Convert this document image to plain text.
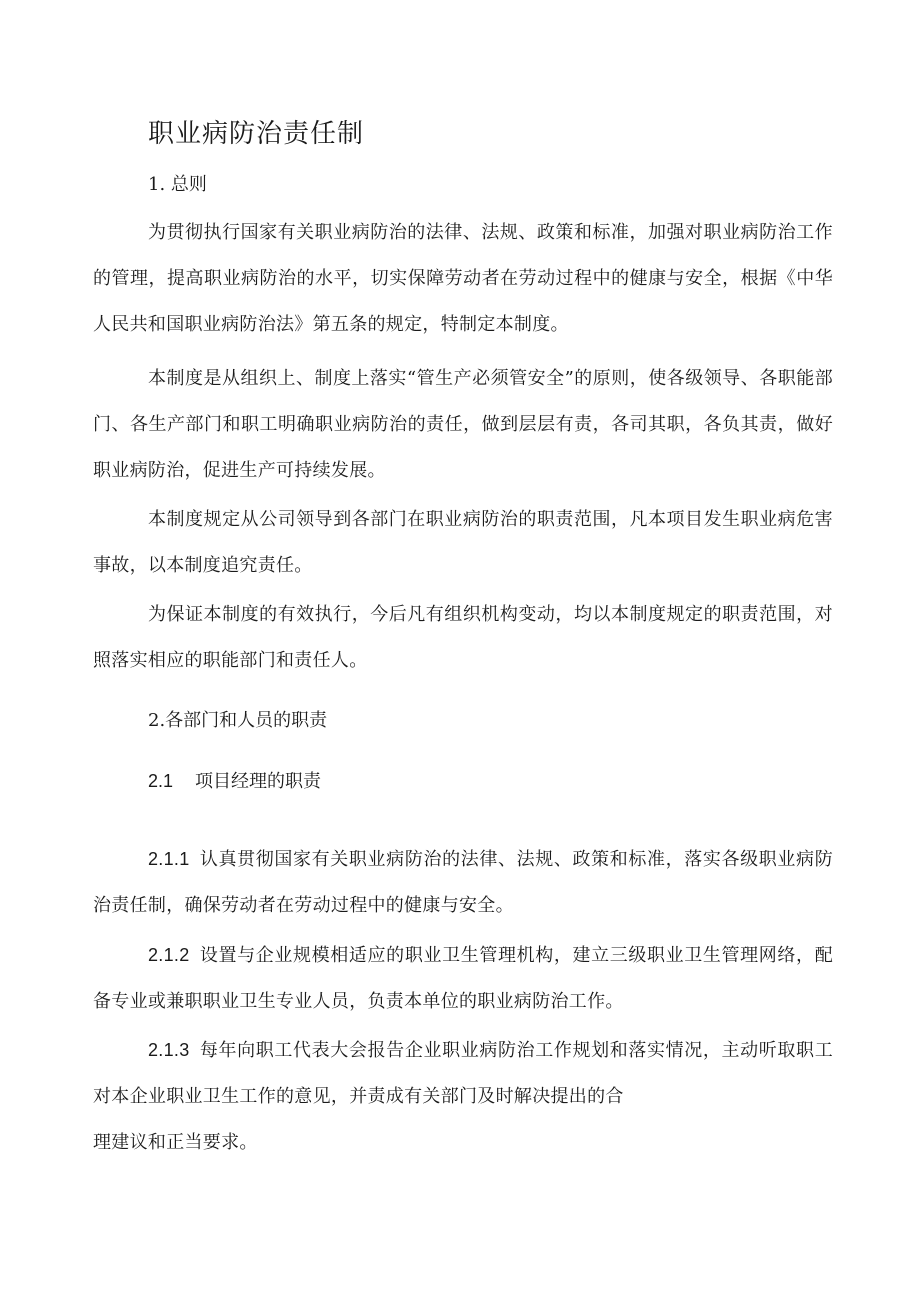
职业病防治责任制

1. 总则

为贯彻执行国家有关职业病防治的法律、法规、政策和标准，加强对职业病防治工作的管理，提高职业病防治的水平，切实保障劳动者在劳动过程中的健康与安全，根据《中华人民共和国职业病防治法》第五条的规定，特制定本制度。

本制度是从组织上、制度上落实“管生产必须管安全”的原则，使各级领导、各职能部门、各生产部门和职工明确职业病防治的责任，做到层层有责，各司其职，各负其责，做好职业病防治，促进生产可持续发展。

本制度规定从公司领导到各部门在职业病防治的职责范围，凡本项目发生职业病危害事故，以本制度追究责任。

为保证本制度的有效执行，今后凡有组织机构变动，均以本制度规定的职责范围，对照落实相应的职能部门和责任人。

2.各部门和人员的职责

2.1 项目经理的职责

2.1.1 认真贯彻国家有关职业病防治的法律、法规、政策和标准，落实各级职业病防治责任制，确保劳动者在劳动过程中的健康与安全。

2.1.2 设置与企业规模相适应的职业卫生管理机构，建立三级职业卫生管理网络，配备专业或兼职职业卫生专业人员，负责本单位的职业病防治工作。

2.1.3 每年向职工代表大会报告企业职业病防治工作规划和落实情况，主动听取职工对本企业职业卫生工作的意见，并责成有关部门及时解决提出的合
理建议和正当要求。
